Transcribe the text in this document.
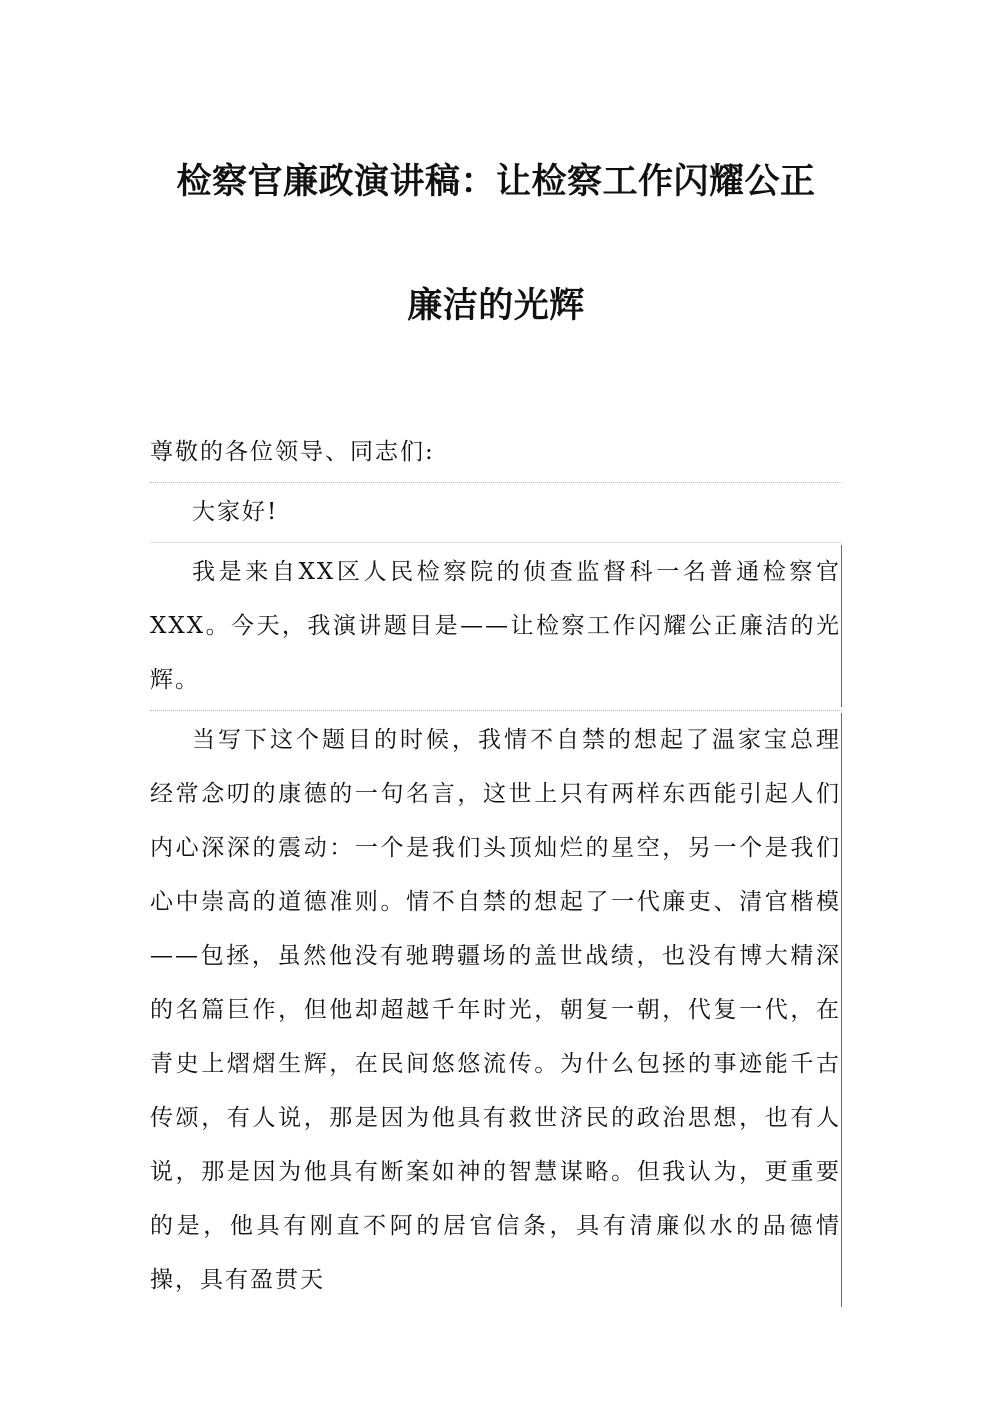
检察官廉政演讲稿：让检察工作闪耀公正
廉洁的光辉

尊敬的各位领导、同志们:

大家好!

我是来自XX区人民检察院的侦查监督科一名普通检察官XXX。今天，我演讲题目是——让检察工作闪耀公正廉洁的光辉。

当写下这个题目的时候，我情不自禁的想起了温家宝总理经常念叨的康德的一句名言，这世上只有两样东西能引起人们内心深深的震动：一个是我们头顶灿烂的星空，另一个是我们心中崇高的道德准则。情不自禁的想起了一代廉吏、清官楷模——包拯，虽然他没有驰聘疆场的盖世战绩，也没有博大精深的名篇巨作，但他却超越千年时光，朝复一朝，代复一代，在青史上熠熠生辉，在民间悠悠流传。为什么包拯的事迹能千古传颂，有人说，那是因为他具有救世济民的政治思想，也有人说，那是因为他具有断案如神的智慧谋略。但我认为，更重要的是，他具有刚直不阿的居官信条，具有清廉似水的品德情操，具有盈贯天
